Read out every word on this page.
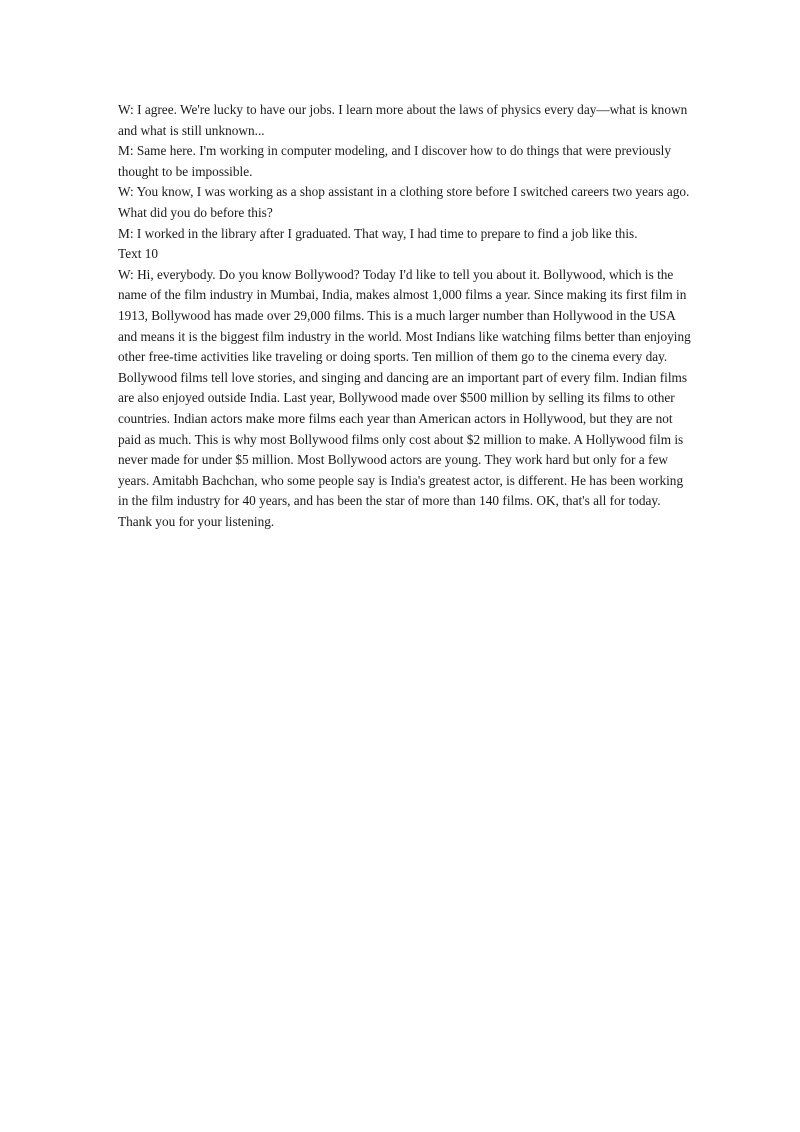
W: I agree. We're lucky to have our jobs. I learn more about the laws of physics every day—what is known and what is still unknown...

M: Same here. I'm working in computer modeling, and I discover how to do things that were previously thought to be impossible.

W: You know, I was working as a shop assistant in a clothing store before I switched careers two years ago. What did you do before this?

M: I worked in the library after I graduated. That way, I had time to prepare to find a job like this.

Text 10

W: Hi, everybody. Do you know Bollywood? Today I'd like to tell you about it. Bollywood, which is the name of the film industry in Mumbai, India, makes almost 1,000 films a year. Since making its first film in 1913, Bollywood has made over 29,000 films. This is a much larger number than Hollywood in the USA and means it is the biggest film industry in the world. Most Indians like watching films better than enjoying other free-time activities like traveling or doing sports. Ten million of them go to the cinema every day. Bollywood films tell love stories, and singing and dancing are an important part of every film. Indian films are also enjoyed outside India. Last year, Bollywood made over $500 million by selling its films to other countries. Indian actors make more films each year than American actors in Hollywood, but they are not paid as much. This is why most Bollywood films only cost about $2 million to make. A Hollywood film is never made for under $5 million. Most Bollywood actors are young. They work hard but only for a few years. Amitabh Bachchan, who some people say is India's greatest actor, is different. He has been working in the film industry for 40 years, and has been the star of more than 140 films. OK, that's all for today. Thank you for your listening.
